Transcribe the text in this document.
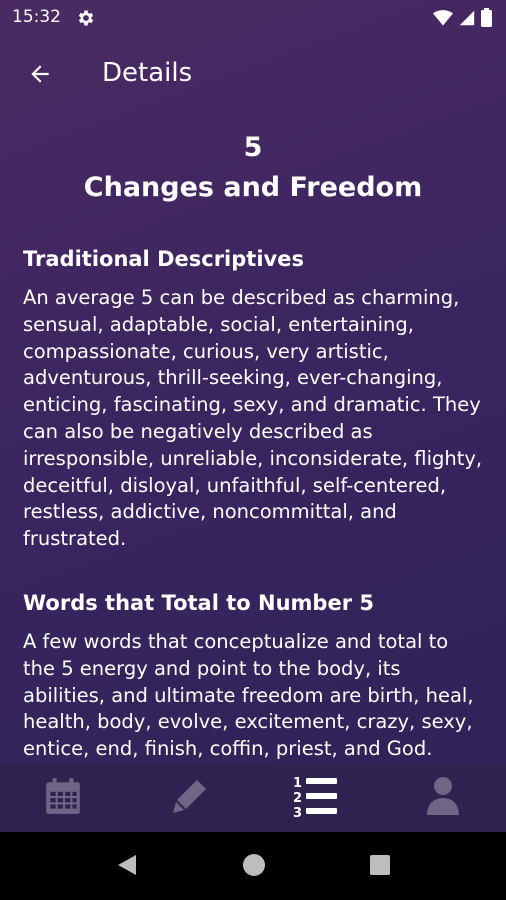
15:32
Details
5
Changes and Freedom
Traditional Descriptives
An average 5 can be described as charming, sensual, adaptable, social, entertaining, compassionate, curious, very artistic, adventurous, thrill-seeking, ever-changing, enticing, fascinating, sexy, and dramatic. They can also be negatively described as irresponsible, unreliable, inconsiderate, flighty, deceitful, disloyal, unfaithful, self-centered, restless, addictive, noncommittal, and frustrated.
Words that Total to Number 5
A few words that conceptualize and total to the 5 energy and point to the body, its abilities, and ultimate freedom are birth, heal, health, body, evolve, excitement, crazy, sexy, entice, end, finish, coffin, priest, and God.
1
2
3
